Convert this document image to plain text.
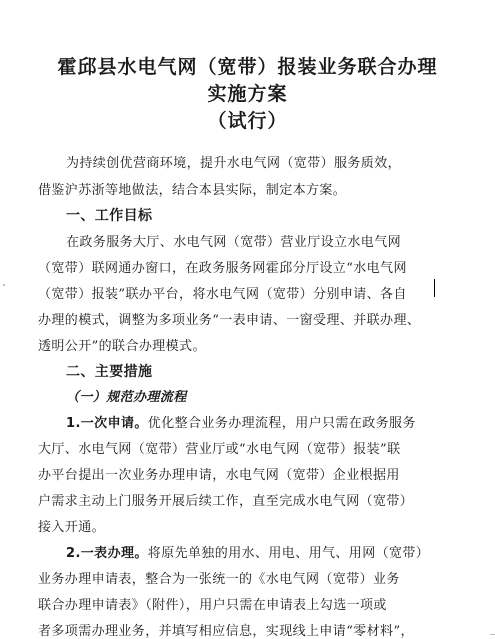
霍邱县水电气网（宽带）报装业务联合办理
实施方案
（试行）
为持续创优营商环境，提升水电气网（宽带）服务质效，
借鉴沪苏浙等地做法，结合本县实际，制定本方案。
一、工作目标
在政务服务大厅、水电气网（宽带）营业厅设立水电气网
（宽带）联网通办窗口，在政务服务网霍邱分厅设立“水电气网
（宽带）报装”联办平台，将水电气网（宽带）分别申请、各自
办理的模式，调整为多项业务“一表申请、一窗受理、并联办理、
透明公开”的联合办理模式。
二、主要措施
（一）规范办理流程
1.一次申请。优化整合业务办理流程，用户只需在政务服务
大厅、水电气网（宽带）营业厅或“水电气网（宽带）报装”联
办平台提出一次业务办理申请，水电气网（宽带）企业根据用
户需求主动上门服务开展后续工作，直至完成水电气网（宽带）
接入开通。
2.一表办理。将原先单独的用水、用电、用气、用网（宽带）
业务办理申请表，整合为一张统一的《水电气网（宽带）业务
联合办理申请表》（附件），用户只需在申请表上勾选一项或
者多项需办理业务，并填写相应信息，实现线上申请“零材料”，
